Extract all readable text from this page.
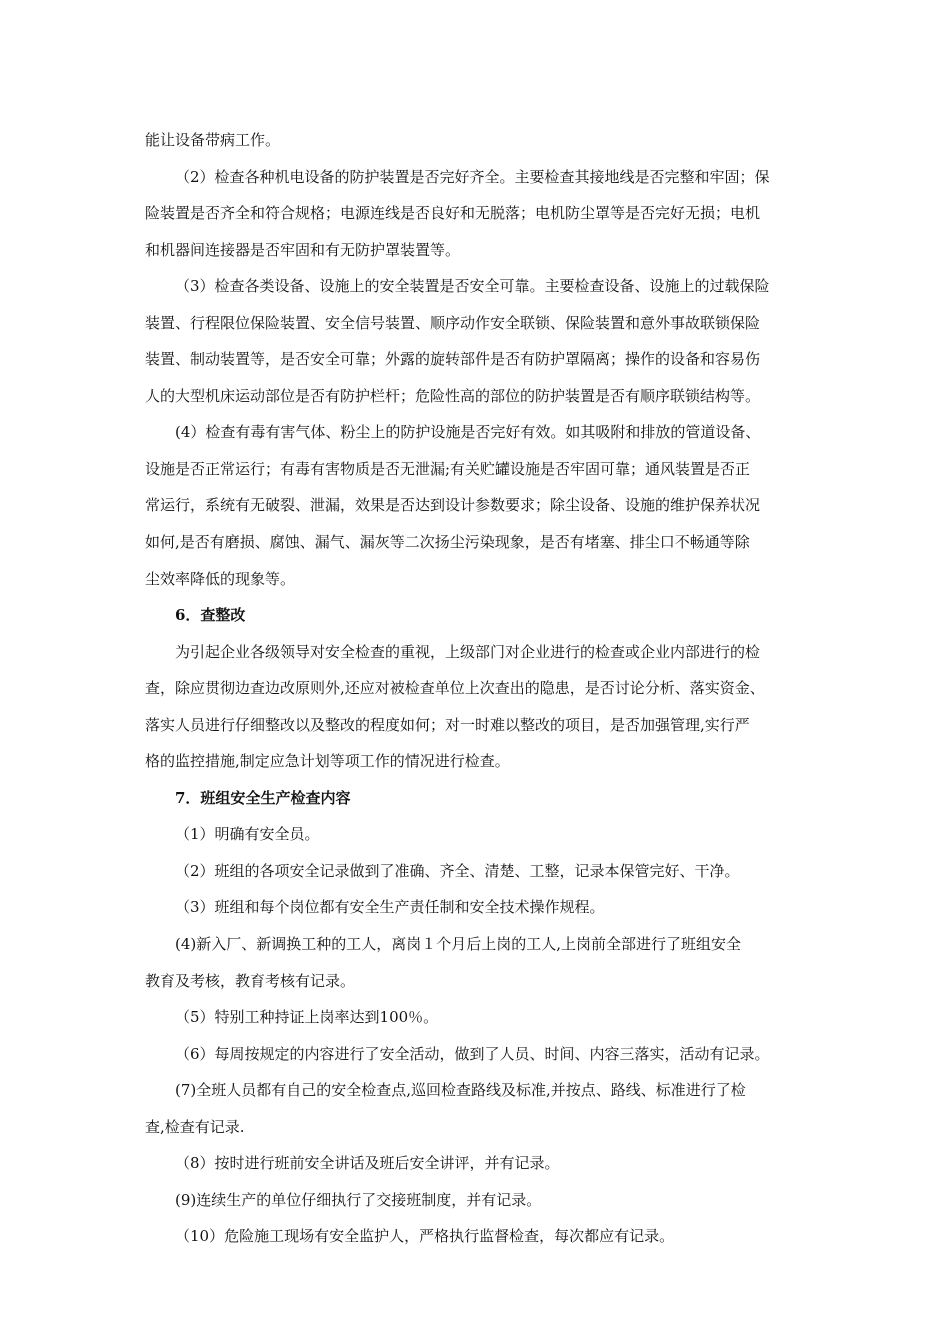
能让设备带病工作。
（2）检查各种机电设备的防护装置是否完好齐全。主要检查其接地线是否完整和牢固；保
险装置是否齐全和符合规格；电源连线是否良好和无脱落；电机防尘罩等是否完好无损；电机
和机器间连接器是否牢固和有无防护罩装置等。
（3）检查各类设备、设施上的安全装置是否安全可靠。主要检查设备、设施上的过载保险
装置、行程限位保险装置、安全信号装置、顺序动作安全联锁、保险装置和意外事故联锁保险
装置、制动装置等，是否安全可靠；外露的旋转部件是否有防护罩隔离；操作的设备和容易伤
人的大型机床运动部位是否有防护栏杆；危险性高的部位的防护装置是否有顺序联锁结构等。
(4）检查有毒有害气体、粉尘上的防护设施是否完好有效。如其吸附和排放的管道设备、
设施是否正常运行；有毒有害物质是否无泄漏;有关贮罐设施是否牢固可靠；通风装置是否正
常运行，系统有无破裂、泄漏，效果是否达到设计参数要求；除尘设备、设施的维护保养状况
如何,是否有磨损、腐蚀、漏气、漏灰等二次扬尘污染现象，是否有堵塞、排尘口不畅通等除
尘效率降低的现象等。
6．查整改
为引起企业各级领导对安全检查的重视，上级部门对企业进行的检查或企业内部进行的检
查，除应贯彻边查边改原则外,还应对被检查单位上次查出的隐患，是否讨论分析、落实资金、
落实人员进行仔细整改以及整改的程度如何；对一时难以整改的项目，是否加强管理,实行严
格的监控措施,制定应急计划等项工作的情况进行检查。
7．班组安全生产检查内容
（1）明确有安全员。
（2）班组的各项安全记录做到了准确、齐全、清楚、工整，记录本保管完好、干净。
（3）班组和每个岗位都有安全生产责任制和安全技术操作规程。
(4)新入厂、新调换工种的工人，离岗１个月后上岗的工人,上岗前全部进行了班组安全
教育及考核，教育考核有记录。
（5）特别工种持证上岗率达到100％。
（6）每周按规定的内容进行了安全活动，做到了人员、时间、内容三落实，活动有记录。
(7)全班人员都有自己的安全检查点,巡回检查路线及标准,并按点、路线、标准进行了检
查,检查有记录.
（8）按时进行班前安全讲话及班后安全讲评，并有记录。
(9)连续生产的单位仔细执行了交接班制度，并有记录。
（10）危险施工现场有安全监护人，严格执行监督检查，每次都应有记录。
